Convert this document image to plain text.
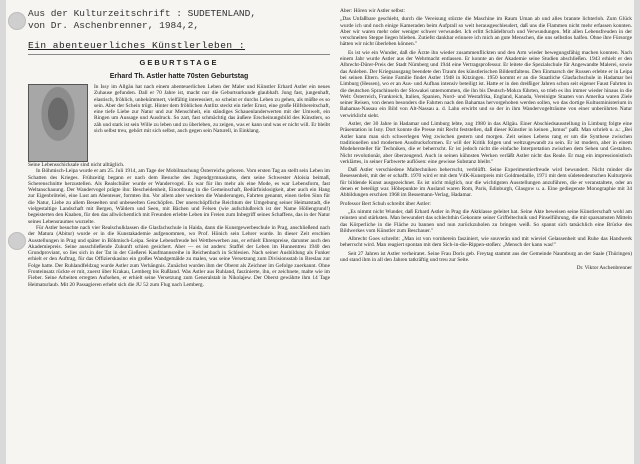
Aus der Kulturzeitschrift : SUDETENLAND,
von Dr. Aschenbrenner, 1984,2,
Ein abenteuerliches Künstlerleben :
GEBURTSTAGE
Erhard Th. Astler hatte 70sten Geburtstag

In Issy im Allgäu hat nach einem abenteuerlichen Leben der Maler und Künstler Erhard Astler ein neues Zuhause gefunden. Dall er 70 Jahre ist, macht nur die Geburtsurkunde glaubhaft. Jung fast, jungenhaft, elastisch, fröhlich, unbekümmert, vielfältig interessiert, so scheint er durchs Leben zu gehen, als müßte es so sein. Aber der Schein trügt. Hinter dem fröhlichen Antlitz steckt ein tiefer Ernst, eine große Hilfsbereitschaft, eine tiefe Liebe zur Natur und zur Menschheit, ein ständiges Schauenlanderwerten mit der Umwelt, ein Ringen um Aussage und Ausdruck. So zart, fast schmächtig das äußere Erscheinungsbild des Künstlers, so zäh und stark ist sein Wille zu leben und zu überleben, zu zeigen, was er kann und was er nicht will. Er bleibt sich selbst treu, gehört mit sich selbst, auch gegen sein Naturell, in Einklang.

Seine Lebensschicksale sind nicht alltäglich.

In Böhmisch-Leipa wurde er am 25. Juli 1914, am Tage der Mobilmachung Österreichs geboren. Vom ersten Tag an stellt sein Leben im Schatten des Krieges. Frühzeitig begann er nach dem Besuche des Jugendgymnasiums, dem seine Schwester Aloisia beimaß, Scherenschnitte herzustellen. Als Realschüler wurde er Wandervogel. Es war für ihn mehr als eine Mode, es war Lebensform, fast Weltanschauung. Der Wandervogel prägte ihn: Bescheidenheit, Einordnung in die Gemeinschaft, Bedürfnislosigkeit, aber auch ein Hang zur Eigenbrötelei, eine Lust am Abenteuer, formten ihn. Vor allem aber weckten die Wanderungen, Fahrten genannt, einen tiefen Sinn für die Natur, Liebe zu allem Beseelten und unbeseelten Geschöpfen. Der unerschöpfliche Reichtum der Umgebung seiner Heimatstadt, die vielgestaltige Landschaft mit Bergen, Wäldern und Seen, mit Bächen und Felsen (wie aufschlußreich ist der Name Höllengrund!) begeisterten den Knaben, für den das allwöchentlich mit Freunden erlebte Leben im Freien zum Inbegriff seines Schaffens, das in der Natur seines Lebensraumes wurzelte.

Für Astler besuchte nach vier Realschulklassen die Glasfachschule in Haida, dann die Kunstgewerbeschule in Prag, anschließend nach der Matura (Abitur) wurde er in die Kunstakademie aufgenommen, wo Prof. Hönich sein Lehrer wurde. In dieser Zeit erschien Ausstellungen in Prag und später in Böhmisch-Leipa. Seine Lebensfreude bei Wettbewerben aus, er erhielt Ehrenpreise, darunter auch den Akademiepreis. Seine ausschließende Zukunft schien gesichert. Aber — es ist anders: Staffel der Leben im Hunnentreu 1940 den Grundproviant, so lies sich in der Tat in der Gießerei Kaufmannsreihe in Reichenbach in Schlesien. Nach seiner Ausbildung als Funker erhielt er den Auftrag, für das Offizierskasino ein großes Wandgemälde zu malen, was seine Versetzung zum Divisionsstab in Breslau zur Folge hatte. Der Ruhlandfeldzug wurde Astler zum Verhängnis. Zunächst wurden ihm der Oberst als Zeichner im Gefolge zuerkannt. Ohne Fronteinsatz rückte er mit, zuerst über Krakau, Lemberg bis Rußland. Was Astler aus Ruhland, faszinierte, ihn, er zeichnete, malte wie im Fieber. Seine Arbeiten erregten Aufsehen, er erhielt seine Versetzung zum Generalstab in Nikolajew. Der Oberst gewährte ihm 14 Tage Heimaturlaub. Mit 20 Passagieren erhebt sich die JU 52 zum Flug nach Lemberg.

Aber: Hören wir Astler selbst:

„Das Unfaßbare geschieht, durch die Vereisung stürzte die Maschine im Raum Uman ab und alles brannte lichterloh. Zum Glück wurde ich und noch einige Kameraden beim Aufprall so weit herausgeschleudert, daß uns die Flammen nicht mehr erfassen konnten. Aber wir waren mehr oder weniger schwer verwundet. Ich erlitt Schädelbruch und Verwundungen. Mit allen Lebensfreuden in der verschneiten Steppe liegen blieben. Zutiefst dankbar erinnere ich mich an gute Menschen, die uns selbstlos halfen. Ohne ihre Fürsorge hätten wir nicht überleben können."

Es ist wie ein Wunder, daß die Ärzte ihn wieder zusammenflickten und den Arm wieder bewegungsfähig machen konnten. Nach einem Jahr wurde Astler aus der Wehrmacht entlassen. Er konnte an der Akademie seine Studien abschließen. 1943 erhielt er den Albrecht-Dürer-Preis der Stadt Nürnberg und 1944 eine Vertragsprofessur. Er leitete die Spezialschule für Angewandte Malerei, sowie das Anleben. Der Kriegsausgang beendete den Traum des künstlerischen Bildentfaltens. Den Einmarsch der Russen erlebte er in Leipa bei seinen Eltern. Seine Familie findet Astler 1948 in Kitzingen. 1950 kommt er an die Staatliche Glasfachschule in Hadamar bei Limburg (Hessen), wo er an Aus- und Aufbau intensiv beteiligt ist. Hatte er in den dreißiger Jahren schon seit eigener Faust Fahrten in die deutschen Sprachinseln der Slowakei unternommen, die ihn bis Deutsch-Mokra führten, so trieb es ihn immer wieder hinaus in die Welt: Österreich, Frankreich, Italien, Spanien, Nord- und Westafrika, England, Kanada, Vereinigte Staaten von Amerika waren Ziele seiner Reisen, von denen besonders die Fahrten nach den Bahamas hervorgehoben werden sollen, wo das dortige Kultusministerium in Bahamas-Nassau ein Bild von Alt-Nassau a. d. Lahn erwirbt und so der in ihm Wandervogelträume von einer unberührten Natur verwirklicht sieht.

Astler, der 30 Jahre in Hadamar und Limburg lebte, zog 1980 in das Allgäu. Einer Abschiedsausstellung in Limburg folgte eine Präsentation in Isny. Dort konnte die Presse mit Recht feststellen, daß dieser Künstler in keinen „Ismus" paßt. Man schrieb u. a.: „Bei Astler kann man sich schwerlegen Weg zwischen gestern und morgen. Zeit seines Lebens rang er um die Synthese zwischen traditionellen und modernen Ausdrucksformen. Er will der Kritik folgen und weltzugewandt zu sein. Er ist modern, aber in einem Modehersteller für Techniken, die er beherrscht. Er ist jedoch nicht die einfache Interpretation zwischen dem Sehen und Gestalten. Nicht revolutionär, aber überzeugend. Auch in seinen kühnsten Werken verläßt Astler nicht das Reale. Er mag ein impressionistisch verklärtes, in seiner Farbwerte auflösen: eine gewisse Substanz bleibt."

Daß Astler verschiedene Maltechniken beherrscht, verblüfft. Seine Experimentierfreude wird bewundert. Nicht minder die Besessenheit, mit der er schafft. 1970 wird er mit dem VdK-Kunstpreis mit Goldmedaille, 1971 mit dem südetendeutschen Kulturpreis für bildende Kunst ausgezeichnet. Es ist nicht möglich, nur die wichtigsten Ausstellungen anzuführen, die er veranstaltete, oder an denen er beteiligt war. Höhepunkte im Ausland waren Rom, Paris, Edinburgh, Glasgow u. a. Eine gediegenste Monographie mit 34 Abbildungen erschien 1968 im Bessemann-Verlag, Hadamar.

Professor Bert Schuh schreibt über Astler:

„Es nimmt nicht Wunder, daß Erhard Astler in Prag die Aktklasse geleitet hat. Seine Akte beweisen seine Künstlerschaft wohl am reinsten und stärksten. Man bewundert das schlechthin Gekonnte seiner Griffeltechnik und Pinselführung, die mit sparsamsten Mitteln das Körperliche in die Fläche zu bannen und nun zurückzuholen zu bringen weiß. So spannt sich tatsächlich eine Brücke des Bildwerkes vom Künstler zum Beschauer."

Albrecht Goes schreibt: „Man ist von vornherein fasziniert, wie souverän und mit wieviel Gelassenheit und Ruhe das Handwerk beherrscht wird. Man reagiert spontan mit dem Sich-in-die-Rippen-stoßen: „Mensch der kann was!"

Seit 27 Jahren ist Astler verheiratet. Seine Frau Doris geb. Freytag stammt aus der Gemeinde Naumburg an der Saale (Thüringen) und stand ihm in all den Jahren tatkräftig und treu zur Seite.

Dr. Viktor Aschenbrenner
